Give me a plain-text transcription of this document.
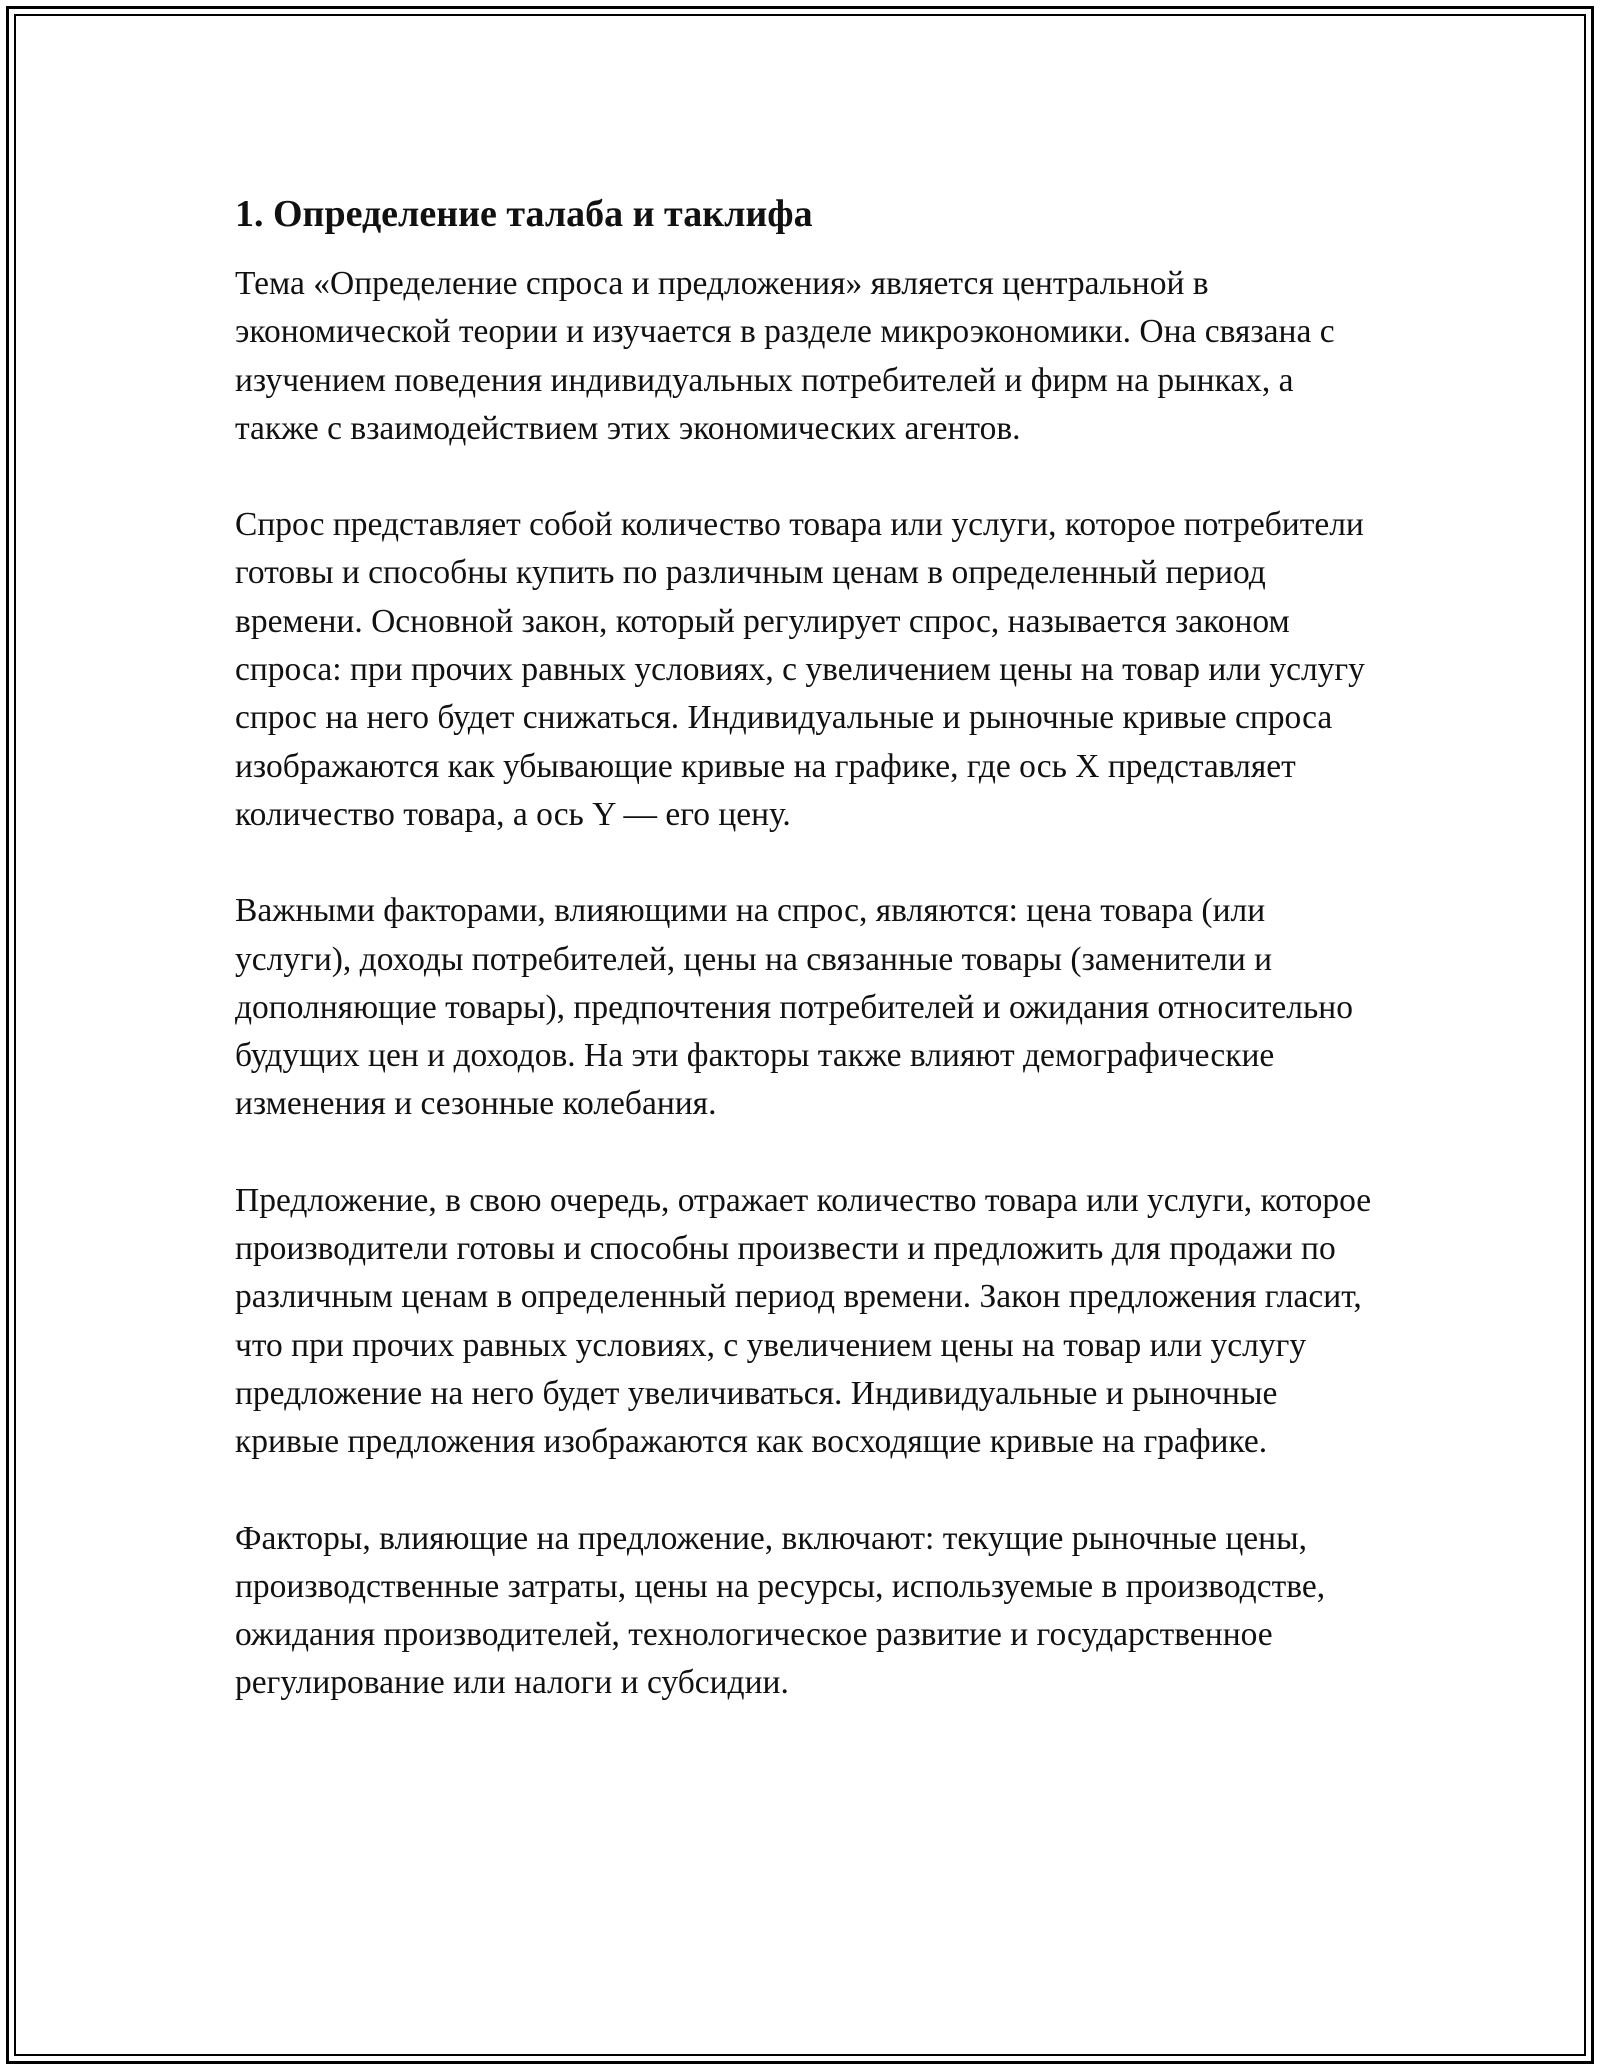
1. Определение талаба и таклифа

Тема «Определение спроса и предложения» является центральной в экономической теории и изучается в разделе микроэкономики. Она связана с изучением поведения индивидуальных потребителей и фирм на рынках, а также с взаимодействием этих экономических агентов.

Спрос представляет собой количество товара или услуги, которое потребители готовы и способны купить по различным ценам в определенный период времени. Основной закон, который регулирует спрос, называется законом спроса: при прочих равных условиях, с увеличением цены на товар или услугу спрос на него будет снижаться. Индивидуальные и рыночные кривые спроса изображаются как убывающие кривые на графике, где ось X представляет количество товара, а ось Y — его цену.

Важными факторами, влияющими на спрос, являются: цена товара (или услуги), доходы потребителей, цены на связанные товары (заменители и дополняющие товары), предпочтения потребителей и ожидания относительно будущих цен и доходов. На эти факторы также влияют демографические изменения и сезонные колебания.

Предложение, в свою очередь, отражает количество товара или услуги, которое производители готовы и способны произвести и предложить для продажи по различным ценам в определенный период времени. Закон предложения гласит, что при прочих равных условиях, с увеличением цены на товар или услугу предложение на него будет увеличиваться. Индивидуальные и рыночные кривые предложения изображаются как восходящие кривые на графике.

Факторы, влияющие на предложение, включают: текущие рыночные цены, производственные затраты, цены на ресурсы, используемые в производстве, ожидания производителей, технологическое развитие и государственное регулирование или налоги и субсидии.
